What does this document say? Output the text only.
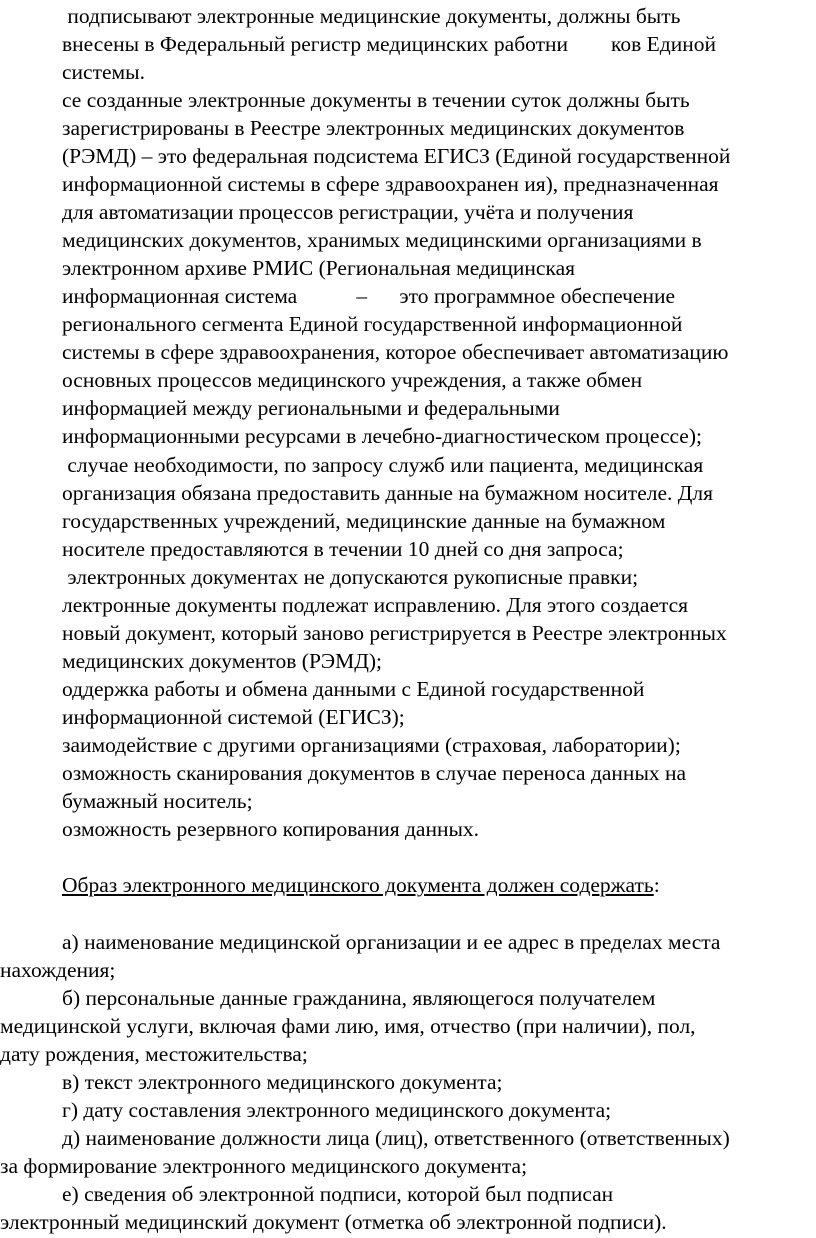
подписывают электронные медицинские документы, должны быть
внесены в Федеральный регистр медицинских работни        ков Единой
системы.
се созданные электронные документы в течении суток должны быть
зарегистрированы в Реестре электронных медицинских документов
(РЭМД) – это федеральная подсистема ЕГИСЗ (Единой государственной
информационной системы в сфере здравоохранен ия), предназначенная
для автоматизации процессов регистрации, учёта и получения
медицинских документов, хранимых медицинскими организациями в
электронном архиве РМИС (Региональная медицинская
информационная система           –      это программное обеспечение
регионального сегмента Единой государственной информационной
системы в сфере здравоохранения, которое обеспечивает автоматизацию
основных процессов медицинского учреждения, а также обмен
информацией между региональными и федеральными
информационными ресурсами в лечебно-диагностическом процессе);
случае необходимости, по запросу служб или пациента, медицинская
организация обязана предоставить данные на бумажном носителе. Для
государственных учреждений, медицинские данные на бумажном
носителе предоставляются в течении 10 дней со дня запроса;
электронных документах не допускаются рукописные правки;
лектронные документы подлежат исправлению. Для этого создается
новый документ, который заново регистрируется в Реестре электронных
медицинских документов (РЭМД);
оддержка работы и обмена данными с Единой государственной
информационной системой (ЕГИСЗ);
заимодействие с другими организациями (страховая, лаборатории);
озможность сканирования документов в случае переноса данных на
бумажный носитель;
озможность резервного копирования данных.
Образ электронного медицинского документа должен содержать:
а) наименование медицинской организации и ее адрес в пределах места
нахождения;
б) персональные данные гражданина, являющегося получателем
медицинской услуги, включая фами лию, имя, отчество (при наличии), пол,
дату рождения, местожительства;
в) текст электронного медицинского документа;
г) дату составления электронного медицинского документа;
д) наименование должности лица (лиц), ответственного (ответственных)
за формирование электронного медицинского документа;
е) сведения об электронной подписи, которой был подписан
электронный медицинский документ (отметка об электронной подписи).
